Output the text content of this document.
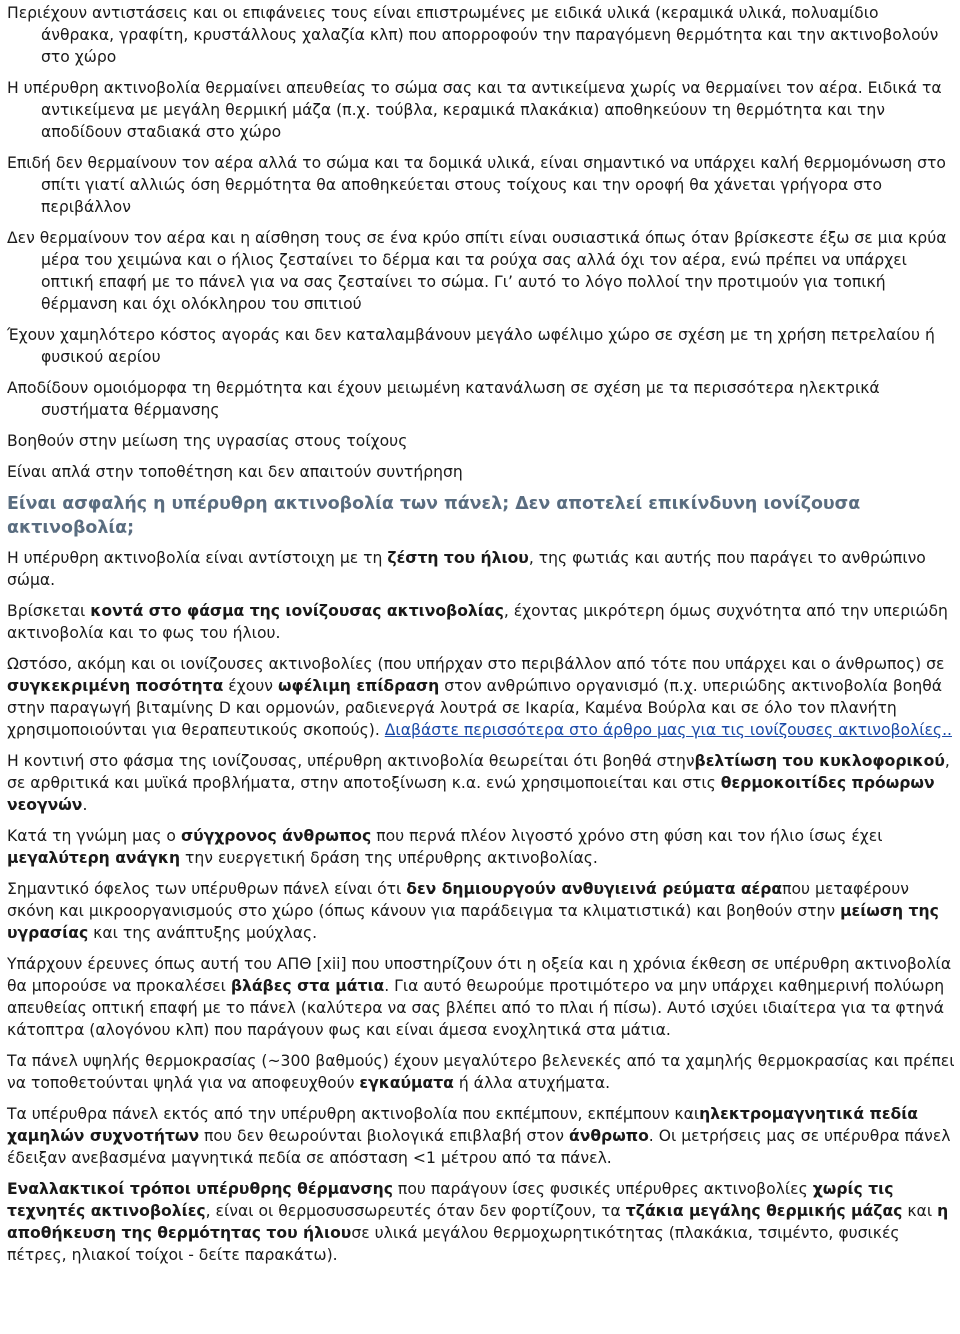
Περιέχουν αντιστάσεις και οι επιφάνειες τους είναι επιστρωμένες με ειδικά υλικά (κεραμικά υλικά, πολυαμίδιο άνθρακα, γραφίτη, κρυστάλλους χαλαζία κλπ) που απορροφούν την παραγόμενη θερμότητα και την ακτινοβολούν στο χώρο

Η υπέρυθρη ακτινοβολία θερμαίνει απευθείας το σώμα σας και τα αντικείμενα χωρίς να θερμαίνει τον αέρα. Ειδικά τα αντικείμενα με μεγάλη θερμική μάζα (π.χ. τούβλα, κεραμικά πλακάκια) αποθηκεύουν τη θερμότητα και την αποδίδουν σταδιακά στο χώρο

Επιδή δεν θερμαίνουν τον αέρα αλλά το σώμα και τα δομικά υλικά, είναι σημαντικό να υπάρχει καλή θερμομόνωση στο σπίτι γιατί αλλιώς όση θερμότητα θα αποθηκεύεται στους τοίχους και την οροφή θα χάνεται γρήγορα στο περιβάλλον

Δεν θερμαίνουν τον αέρα και η αίσθηση τους σε ένα κρύο σπίτι είναι ουσιαστικά όπως όταν βρίσκεστε έξω σε μια κρύα μέρα του χειμώνα και ο ήλιος ζεσταίνει το δέρμα και τα ρούχα σας αλλά όχι τον αέρα, ενώ πρέπει να υπάρχει οπτική επαφή με το πάνελ για να σας ζεσταίνει το σώμα. Γι’ αυτό το λόγο πολλοί την προτιμούν για τοπική θέρμανση και όχι ολόκληρου του σπιτιού

Έχουν χαμηλότερο κόστος αγοράς και δεν καταλαμβάνουν μεγάλο ωφέλιμο χώρο σε σχέση με τη χρήση πετρελαίου ή φυσικού αερίου

Αποδίδουν ομοιόμορφα τη θερμότητα και έχουν μειωμένη κατανάλωση σε σχέση με τα περισσότερα ηλεκτρικά συστήματα θέρμανσης

Βοηθούν στην μείωση της υγρασίας στους τοίχους

Είναι απλά στην τοποθέτηση και δεν απαιτούν συντήρηση

Είναι ασφαλής η υπέρυθρη ακτινοβολία των πάνελ; Δεν αποτελεί επικίνδυνη ιονίζουσα ακτινοβολία;

Η υπέρυθρη ακτινοβολία είναι αντίστοιχη με τη ζέστη του ήλιου, της φωτιάς και αυτής που παράγει το ανθρώπινο σώμα.

Βρίσκεται κοντά στο φάσμα της ιονίζουσας ακτινοβολίας, έχοντας μικρότερη όμως συχνότητα από την υπεριώδη ακτινοβολία και το φως του ήλιου.

Ωστόσο, ακόμη και οι ιονίζουσες ακτινοβολίες (που υπήρχαν στο περιβάλλον από τότε που υπάρχει και ο άνθρωπος) σε συγκεκριμένη ποσότητα έχουν ωφέλιμη επίδραση στον ανθρώπινο οργανισμό (π.χ. υπεριώδης ακτινοβολία βοηθά στην παραγωγή βιταμίνης D και ορμονών, ραδιενεργά λουτρά σε Ικαρία, Καμένα Βούρλα και σε όλο τον πλανήτη χρησιμοποιούνται για θεραπευτικούς σκοπούς). Διαβάστε περισσότερα στο άρθρο μας για τις ιονίζουσες ακτινοβολίες..

Η κοντινή στο φάσμα της ιονίζουσας, υπέρυθρη ακτινοβολία θεωρείται ότι βοηθά στηνβελτίωση του κυκλοφορικού, σε αρθριτικά και μυϊκά προβλήματα, στην αποτοξίνωση κ.α. ενώ χρησιμοποιείται και στις θερμοκοιτίδες πρόωρων νεογνών.

Κατά τη γνώμη μας ο σύγχρονος άνθρωπος που περνά πλέον λιγοστό χρόνο στη φύση και τον ήλιο ίσως έχει μεγαλύτερη ανάγκη την ευεργετική δράση της υπέρυθρης ακτινοβολίας.

Σημαντικό όφελος των υπέρυθρων πάνελ είναι ότι δεν δημιουργούν ανθυγιεινά ρεύματα αέραπου μεταφέρουν σκόνη και μικροοργανισμούς στο χώρο (όπως κάνουν για παράδειγμα τα κλιματιστικά) και βοηθούν στην μείωση της υγρασίας και της ανάπτυξης μούχλας.

Υπάρχουν έρευνες όπως αυτή του ΑΠΘ [xii] που υποστηρίζουν ότι η οξεία και η χρόνια έκθεση σε υπέρυθρη ακτινοβολία θα μπορούσε να προκαλέσει βλάβες στα μάτια. Για αυτό θεωρούμε προτιμότερο να μην υπάρχει καθημερινή πολύωρη απευθείας οπτική επαφή με το πάνελ (καλύτερα να σας βλέπει από το πλαι ή πίσω). Αυτό ισχύει ιδιαίτερα για τα φτηνά κάτοπτρα (αλογόνου κλπ) που παράγουν φως και είναι άμεσα ενοχλητικά στα μάτια.

Τα πάνελ υψηλής θερμοκρασίας (~300 βαθμούς) έχουν μεγαλύτερο βελενεκές από τα χαμηλής θερμοκρασίας και πρέπει να τοποθετούνται ψηλά για να αποφευχθούν εγκαύματα ή άλλα ατυχήματα.

Τα υπέρυθρα πάνελ εκτός από την υπέρυθρη ακτινοβολία που εκπέμπουν, εκπέμπουν καιηλεκτρομαγνητικά πεδία χαμηλών συχνοτήτων που δεν θεωρούνται βιολογικά επιβλαβή στον άνθρωπο. Οι μετρήσεις μας σε υπέρυθρα πάνελ έδειξαν ανεβασμένα μαγνητικά πεδία σε απόσταση <1 μέτρου από τα πάνελ.

Εναλλακτικοί τρόποι υπέρυθρης θέρμανσης που παράγουν ίσες φυσικές υπέρυθρες ακτινοβολίες χωρίς τις τεχνητές ακτινοβολίες, είναι οι θερμοσυσσωρευτές όταν δεν φορτίζουν, τα τζάκια μεγάλης θερμικής μάζας και η αποθήκευση της θερμότητας του ήλιουσε υλικά μεγάλου θερμοχωρητικότητας (πλακάκια, τσιμέντο, φυσικές πέτρες, ηλιακοί τοίχοι - δείτε παρακάτω).
